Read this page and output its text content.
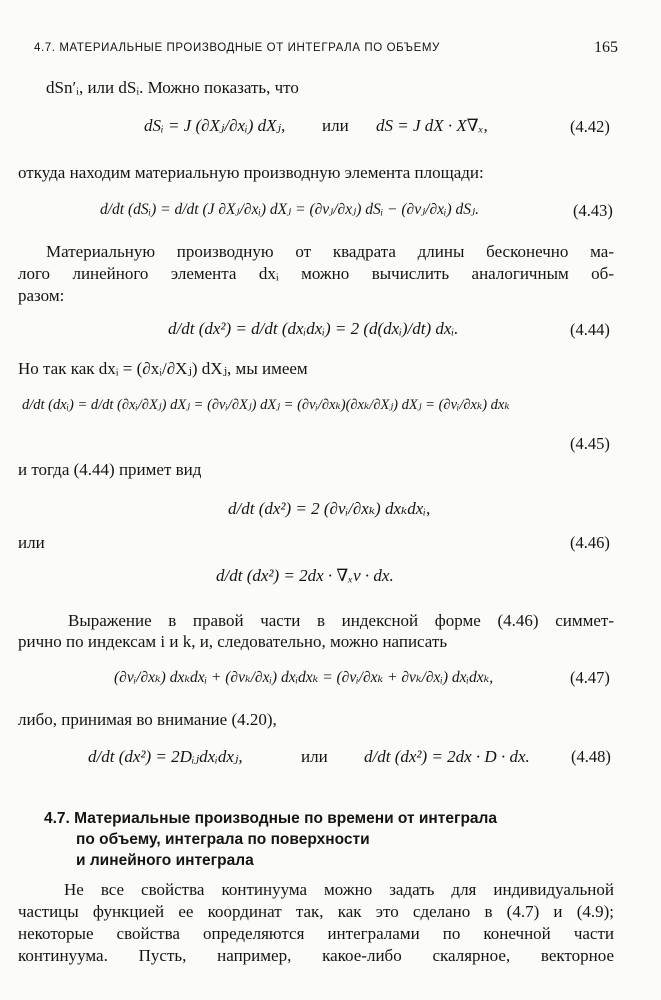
4.7. МАТЕРИАЛЬНЫЕ ПРОИЗВОДНЫЕ ОТ ИНТЕГРАЛА ПО ОБЪЕМУ	165
dSn′ᵢ, или dSᵢ. Можно показать, что
dSᵢ = J (∂Xⱼ/∂xᵢ) dXⱼ, или dS = J dX · X∇ₓ,	(4.42)
откуда находим материальную производную элемента площади:
d/dt (dSᵢ) = d/dt (J ∂Xⱼ/∂xᵢ) dXⱼ = (∂vⱼ/∂xⱼ) dSᵢ − (∂vⱼ/∂xᵢ) dSⱼ.	(4.43)
Материальную производную от квадрата длины бесконечно ма-
лого линейного элемента dxᵢ можно вычислить аналогичным об-
разом:
d/dt (dx²) = d/dt (dxᵢdxᵢ) = 2 (d(dxᵢ)/dt) dxᵢ.	(4.44)
Но так как dxᵢ = (∂xᵢ/∂Xⱼ) dXⱼ, мы имеем
d/dt (dxᵢ) = d/dt (∂xᵢ/∂Xⱼ) dXⱼ = (∂vᵢ/∂Xⱼ) dXⱼ = (∂vᵢ/∂xₖ)(∂xₖ/∂Xⱼ) dXⱼ = (∂vᵢ/∂xₖ) dxₖ
(4.45)
и тогда (4.44) примет вид
d/dt (dx²) = 2 (∂vᵢ/∂xₖ) dxₖdxᵢ,
или	(4.46)
d/dt (dx²) = 2dx · ∇ₓv · dx.
Выражение в правой части в индексной форме (4.46) симмет-
рично по индексам i и k, и, следовательно, можно написать
(∂vᵢ/∂xₖ) dxₖdxᵢ + (∂vₖ/∂xᵢ) dxᵢdxₖ = (∂vᵢ/∂xₖ + ∂vₖ/∂xᵢ) dxᵢdxₖ,	(4.47)
либо, принимая во внимание (4.20),
d/dt (dx²) = 2Dᵢⱼdxᵢdxⱼ,	или d/dt (dx²) = 2dx · D · dx.	(4.48)
4.7. Материальные производные по времени от интеграла
по объему, интеграла по поверхности
и линейного интеграла
Не все свойства континуума можно задать для индивидуальной
частицы функцией ее координат так, как это сделано в (4.7) и (4.9);
некоторые свойства определяются интегралами по конечной части
континуума. Пусть, например, какое-либо скалярное, векторное
